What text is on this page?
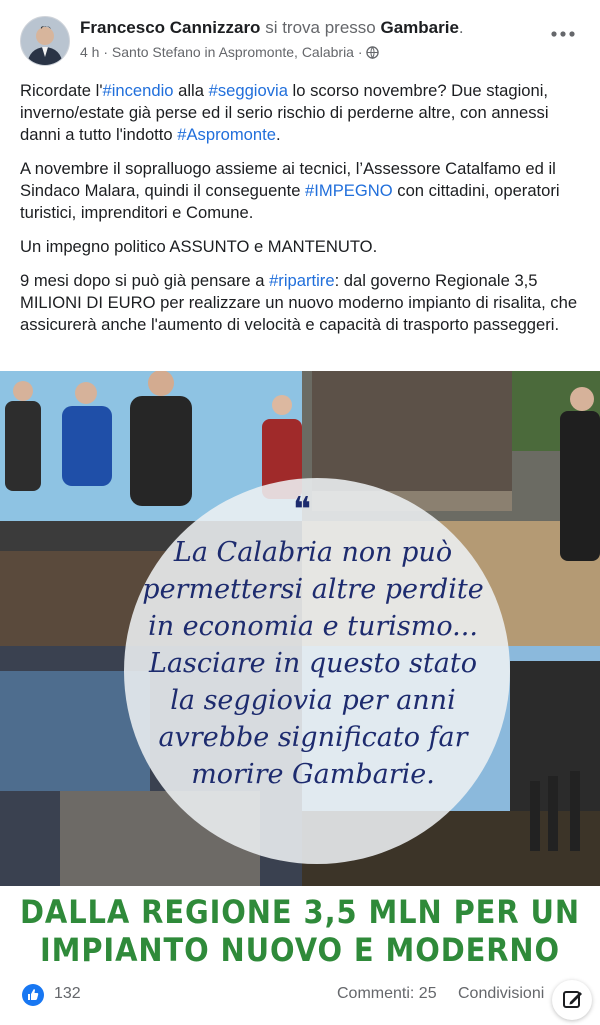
Francesco Cannizzaro si trova presso Gambarie.
4 h · Santo Stefano in Aspromonte, Calabria ·

Ricordate l'#incendio alla #seggiovia lo scorso novembre? Due stagioni, inverno/estate già perse ed il serio rischio di perderne altre, con annessi danni a tutto l'indotto #Aspromonte.

A novembre il sopralluogo assieme ai tecnici, l’Assessore Catalfamo ed il Sindaco Malara, quindi il conseguente #IMPEGNO con cittadini, operatori turistici, imprenditori e Comune.

Un impegno politico ASSUNTO e MANTENUTO.

9 mesi dopo si può già pensare a #ripartire: dal governo Regionale 3,5 MILIONI DI EURO per realizzare un nuovo moderno impianto di risalita, che assicurerà anche l'aumento di velocità e capacità di trasporto passeggeri.

❝
La Calabria non può
permettersi altre perdite
in economia e turismo...
Lasciare in questo stato
la seggiovia per anni
avrebbe significato far
morire Gambarie.
DALLA REGIONE 3,5 MLN PER UN
IMPIANTO NUOVO E MODERNO
132	Commenti: 25 Condivisioni
